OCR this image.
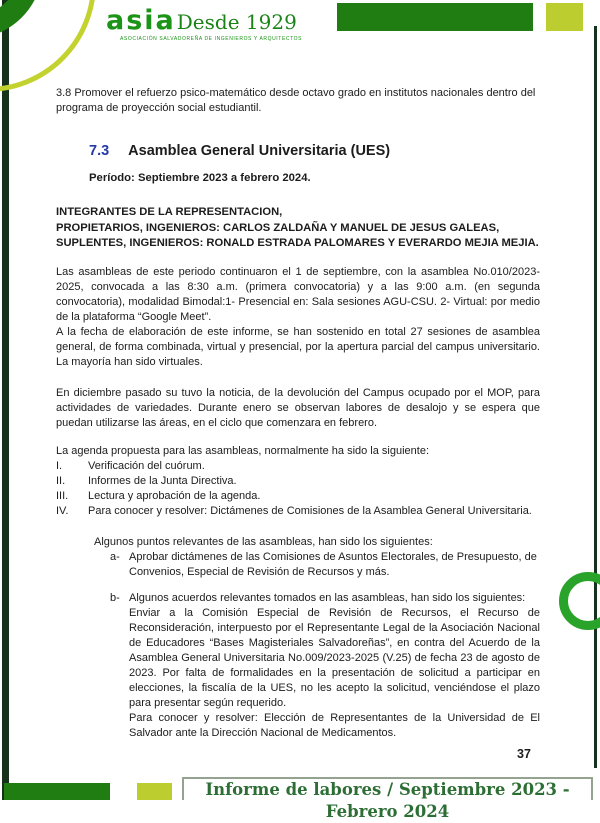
asiaDesde 1929
ASOCIACIÓN SALVADOREÑA DE INGENIEROS Y ARQUITECTOS

3.8 Promover el refuerzo psico-matemático desde octavo grado en institutos nacionales dentro del programa de proyección social estudiantil.

7.3 Asamblea General Universitaria (UES)

Período: Septiembre 2023 a febrero 2024.

INTEGRANTES DE LA REPRESENTACION,
PROPIETARIOS, INGENIEROS: CARLOS ZALDAÑA Y MANUEL DE JESUS GALEAS,
SUPLENTES, INGENIEROS: RONALD ESTRADA PALOMARES Y EVERARDO MEJIA MEJIA.

Las asambleas de este periodo continuaron el 1 de septiembre, con la asamblea No.010/2023-2025, convocada a las 8:30 a.m. (primera convocatoria) y a las 9:00 a.m. (en segunda convocatoria), modalidad Bimodal:1- Presencial en: Sala sesiones AGU-CSU. 2- Virtual: por medio de la plataforma “Google Meet”.

A la fecha de elaboración de este informe, se han sostenido en total 27 sesiones de asamblea general, de forma combinada, virtual y presencial, por la apertura parcial del campus universitario. La mayoría han sido virtuales.

En diciembre pasado su tuvo la noticia, de la devolución del Campus ocupado por el MOP, para actividades de variedades. Durante enero se observan labores de desalojo y se espera que puedan utilizarse las áreas, en el ciclo que comenzara en febrero.

La agenda propuesta para las asambleas, normalmente ha sido la siguiente:

I.	Verificación del cuórum.
II.	Informes de la Junta Directiva.
III.	Lectura y aprobación de la agenda.
IV.	Para conocer y resolver: Dictámenes de Comisiones de la Asamblea General Universitaria.

Algunos puntos relevantes de las asambleas, han sido los siguientes:

a- Aprobar dictámenes de las Comisiones de Asuntos Electorales, de Presupuesto, de Convenios, Especial de Revisión de Recursos y más.

b- Algunos acuerdos relevantes tomados en las asambleas, han sido los siguientes:

Enviar a la Comisión Especial de Revisión de Recursos, el Recurso de Reconsideración, interpuesto por el Representante Legal de la Asociación Nacional de Educadores “Bases Magisteriales Salvadoreñas”, en contra del Acuerdo de la Asamblea General Universitaria No.009/2023-2025 (V.25) de fecha 23 de agosto de 2023. Por falta de formalidades en la presentación de solicitud a participar en elecciones, la fiscalía de la UES, no les acepto la solicitud, venciéndose el plazo para presentar según requerido.

Para conocer y resolver: Elección de Representantes de la Universidad de El Salvador ante la Dirección Nacional de Medicamentos.

37
Informe de labores / Septiembre 2023 - Febrero 2024
